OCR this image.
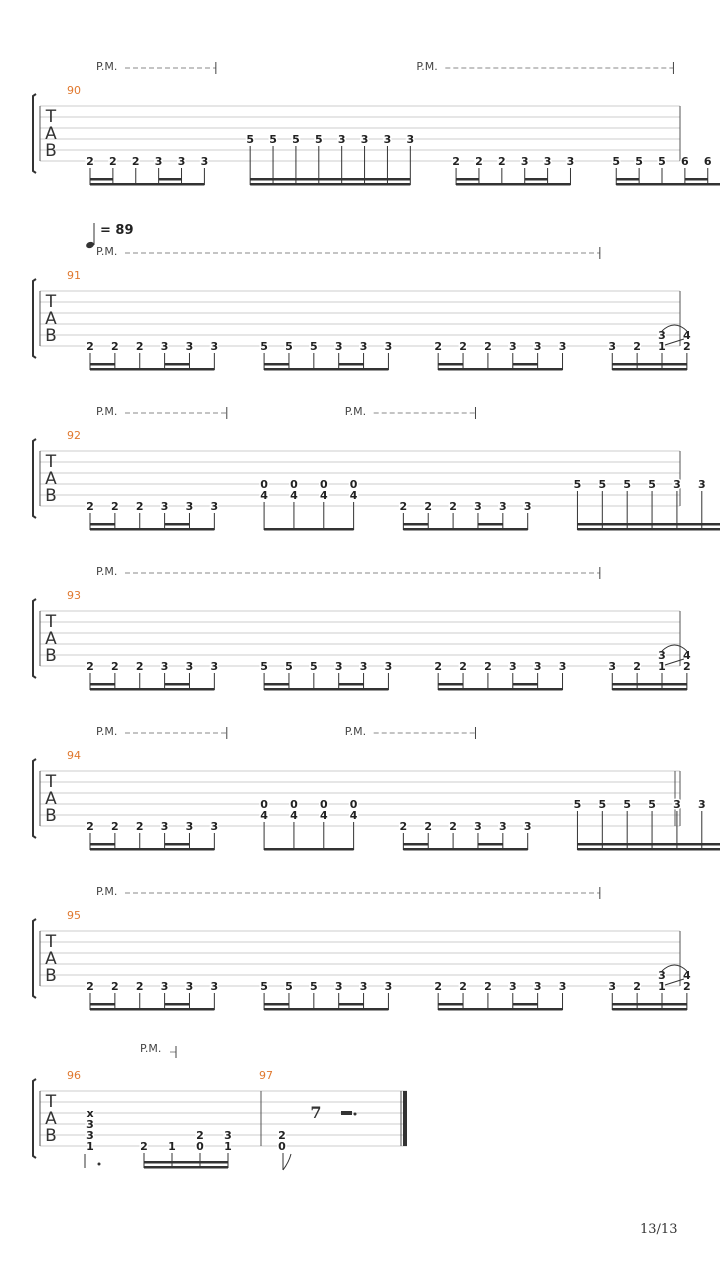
T
A
B
90
P.M.	P.M.
2 2 2 3 3 3
5 5 5 5 3 3 3 3
2 2 2 3 3 3	5 5 5 6 6
T
A
B
91
P.M.
= 89
2 2 2 3 3 3	5 5 5 3 3 3	2 2 2 3 3 3	3 2
3
1
4
2
T
A
B
92
P.M.	P.M.
2 2 2 3 3 3
0
4
0
4
0
4
0
4
2 2 2 3 3 3
5 5 5 5 3 3
T
A
B
93
P.M.
2 2 2 3 3 3	5 5 5 3 3 3	2 2 2 3 3 3	3 2
3
1
4
2
T
A
B
94
P.M.	P.M.
2 2 2 3 3 3
0
4
0
4
0
4
0
4
2 2 2 3 3 3
5 5 5 5 3 3
T
A
B
95
P.M.
2 2 2 3 3 3	5 5 5 3 3 3	2 2 2 3 3 3	3 2
3
1
4
2
T
A
B
96	97
P.M.
x
3
3
1	2 1
2
0
3
1
2
0
7
13/13
